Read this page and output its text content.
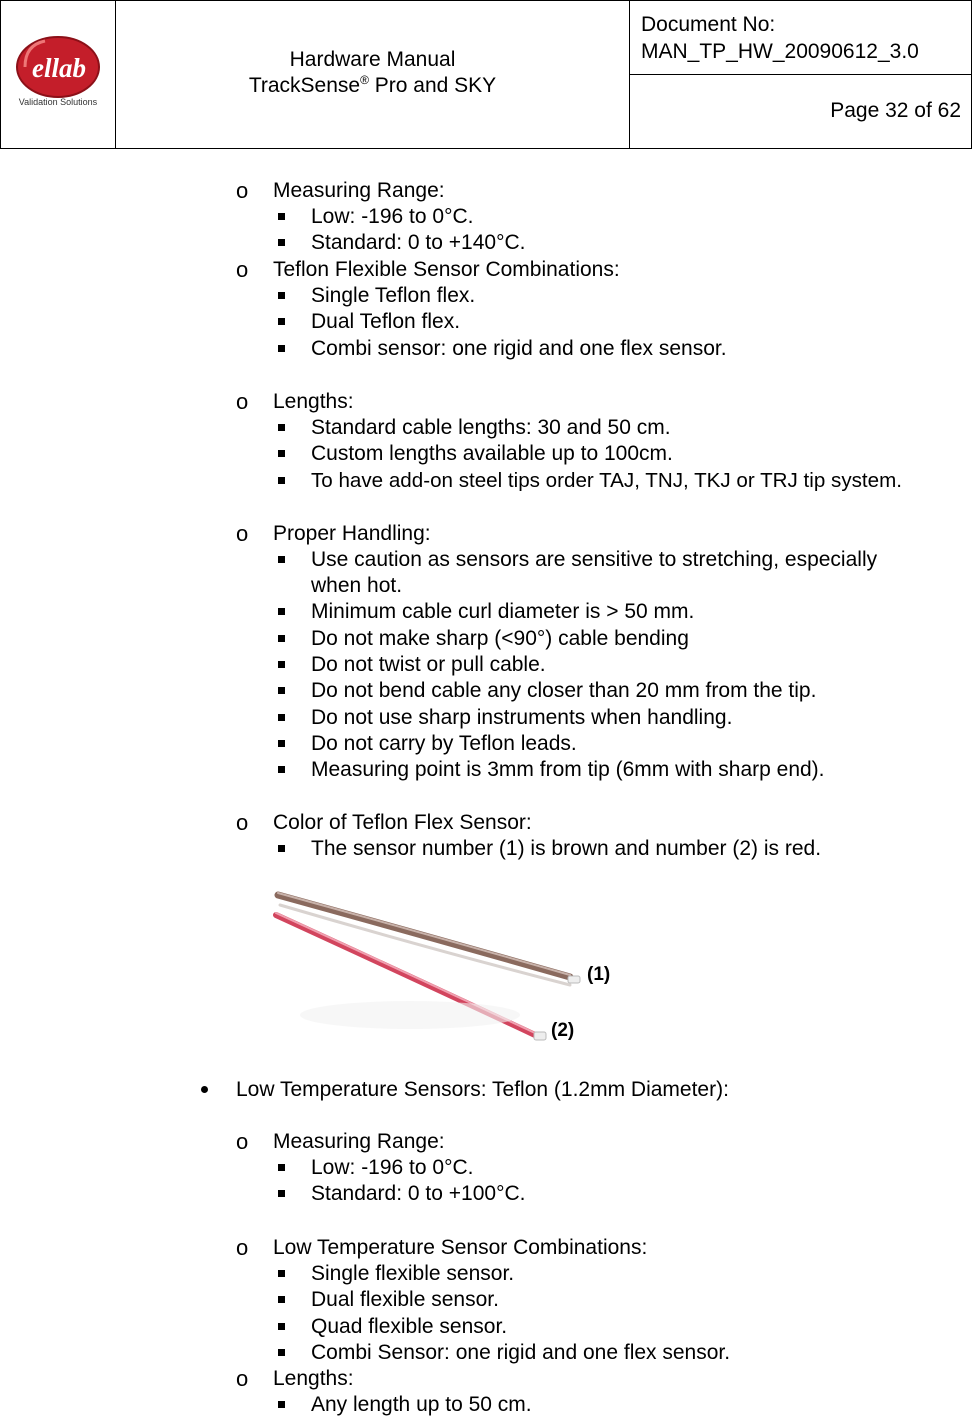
ellab
Validation Solutions
Hardware Manual
TrackSense® Pro and SKY
Document No:
MAN_TP_HW_20090612_3.0
Page 32 of 62
o Measuring Range:
Low: -196 to 0°C.
Standard: 0 to +140°C.
o Teflon Flexible Sensor Combinations:
Single Teflon flex.
Dual Teflon flex.
Combi sensor: one rigid and one flex sensor.
o Lengths:
Standard cable lengths: 30 and 50 cm.
Custom lengths available up to 100cm.
To have add-on steel tips order TAJ, TNJ, TKJ or TRJ tip system.
o Proper Handling:
Use caution as sensors are sensitive to stretching, especially
when hot.
Minimum cable curl diameter is > 50 mm.
Do not make sharp (<90°) cable bending
Do not twist or pull cable.
Do not bend cable any closer than 20 mm from the tip.
Do not use sharp instruments when handling.
Do not carry by Teflon leads.
Measuring point is 3mm from tip (6mm with sharp end).
o Color of Teflon Flex Sensor:
The sensor number (1) is brown and number (2) is red.
(1)
(2)
Low Temperature Sensors: Teflon (1.2mm Diameter):
o Measuring Range:
Low: -196 to 0°C.
Standard: 0 to +100°C.
o Low Temperature Sensor Combinations:
Single flexible sensor.
Dual flexible sensor.
Quad flexible sensor.
Combi Sensor: one rigid and one flex sensor.
o Lengths:
Any length up to 50 cm.
